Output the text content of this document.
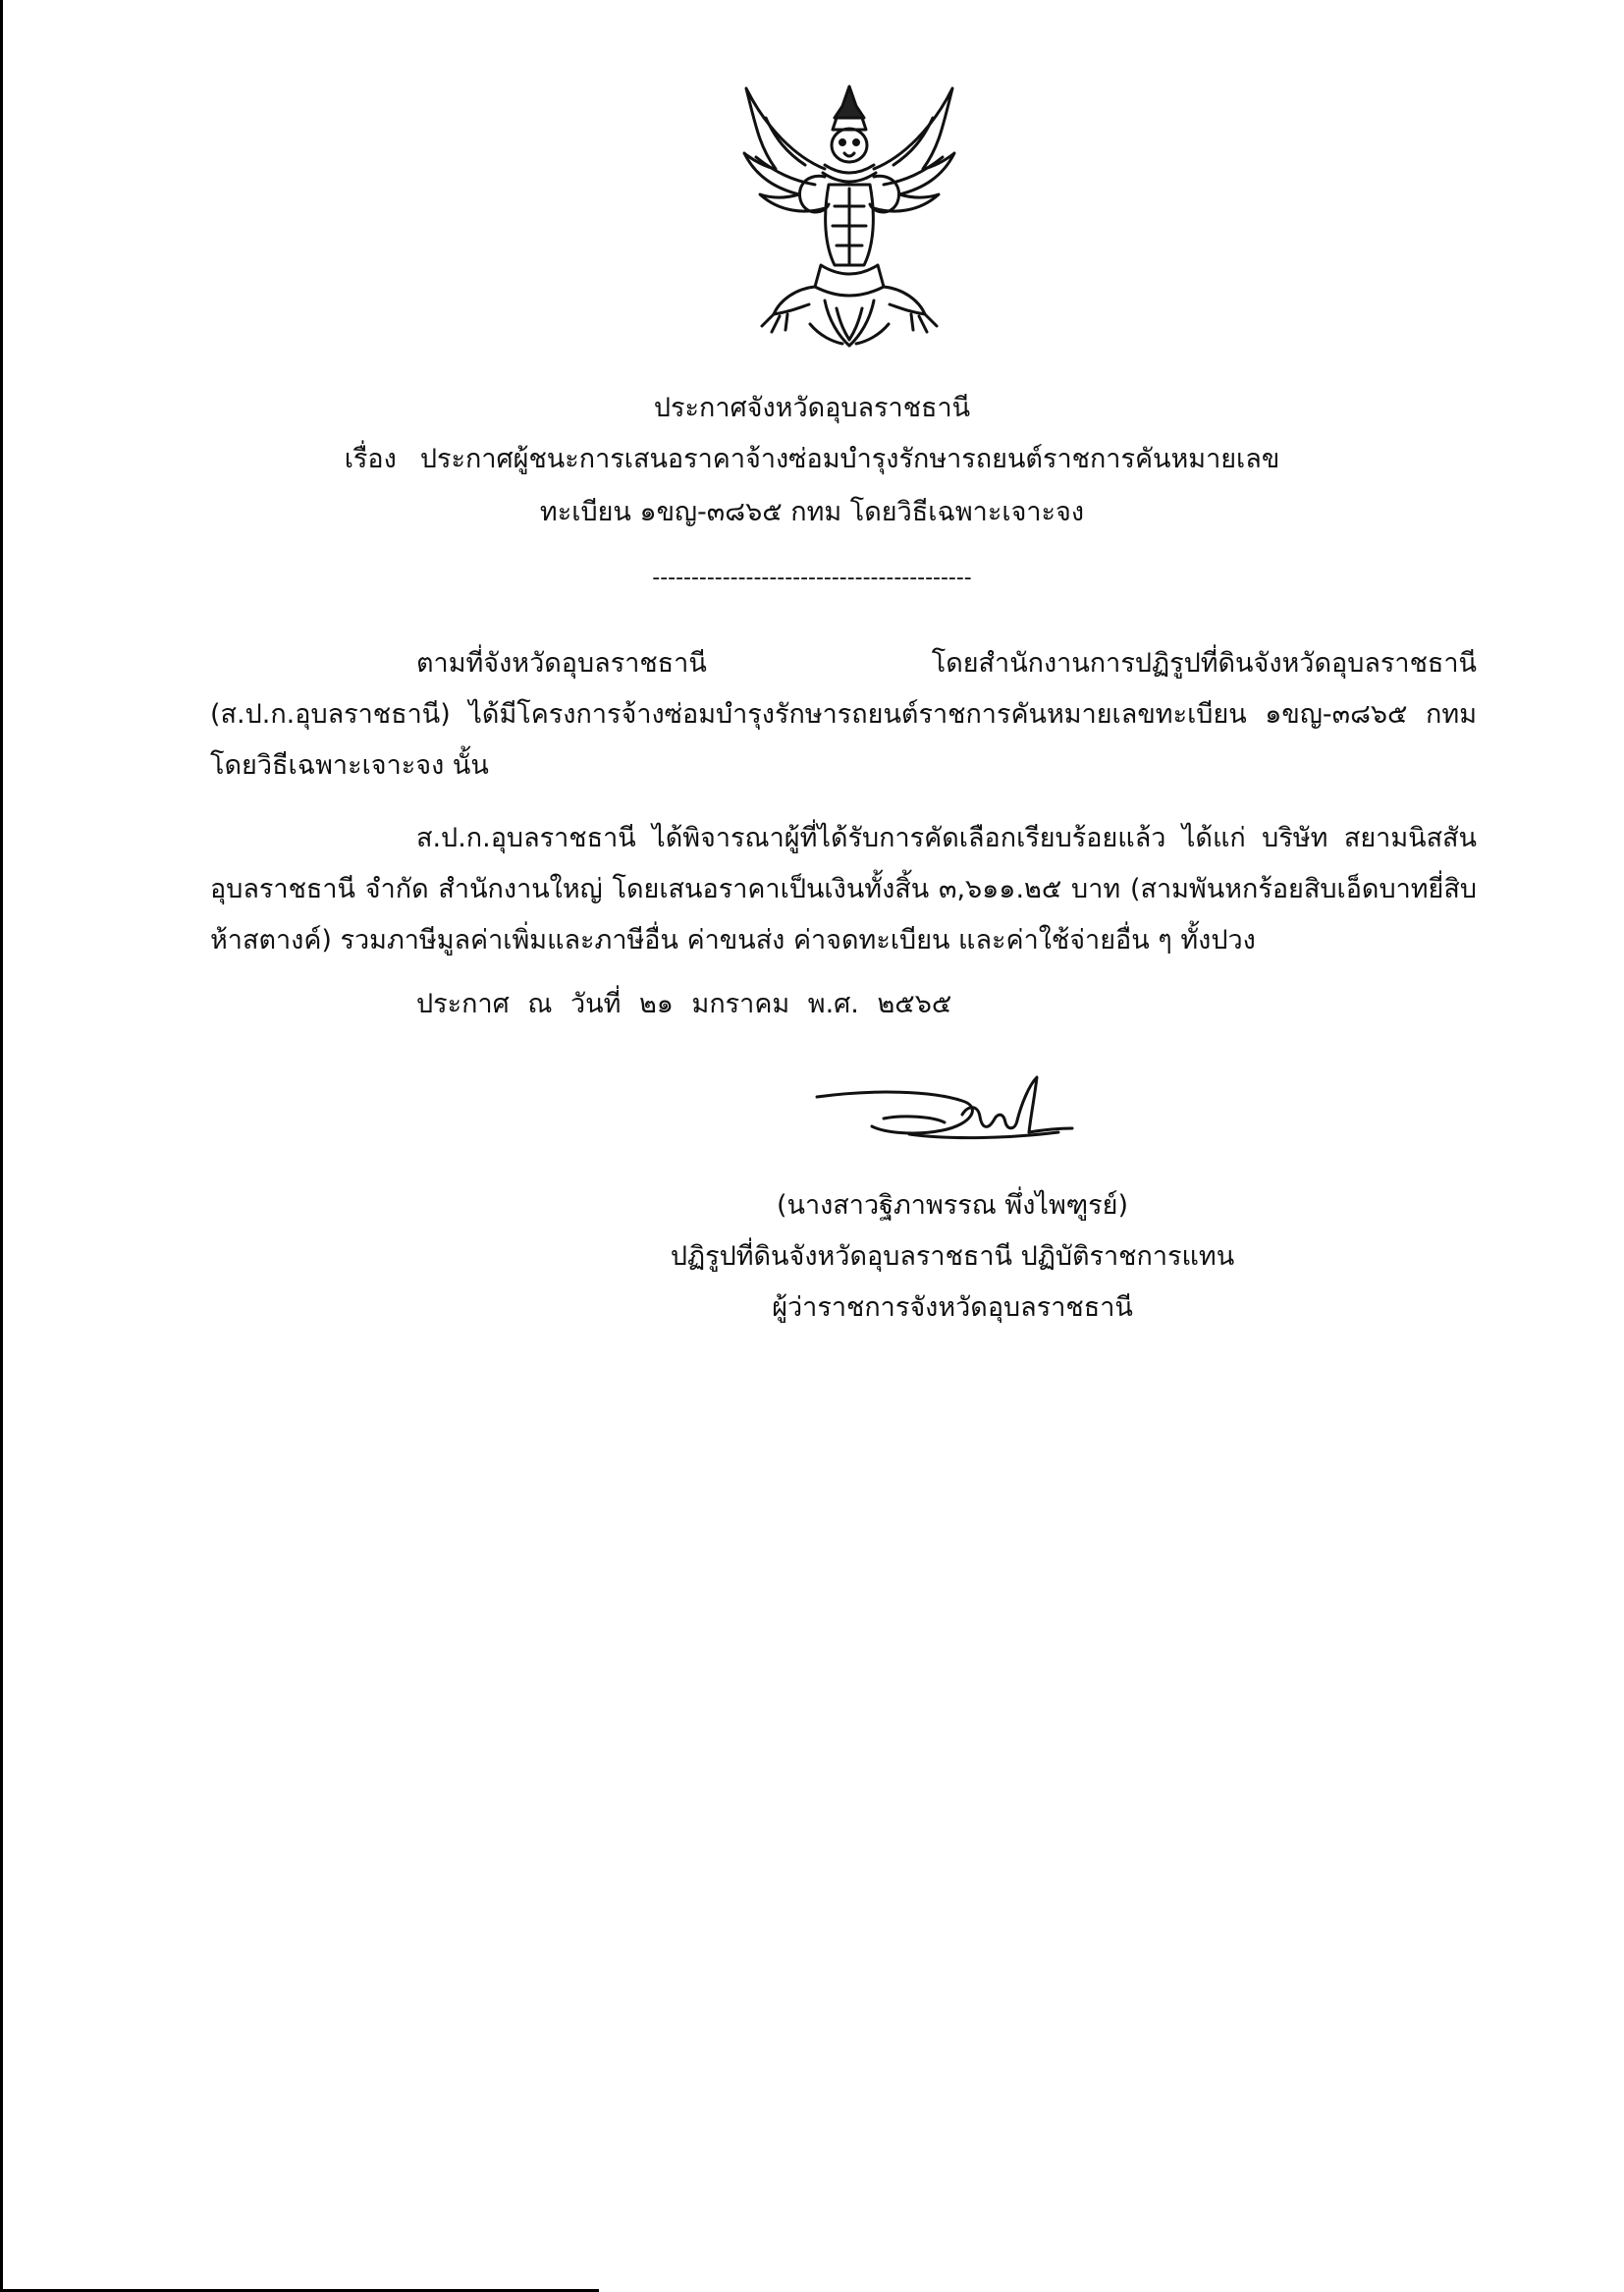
ประกาศจังหวัดอุบลราชธานี
เรื่อง ประกาศผู้ชนะการเสนอราคาจ้างซ่อมบำรุงรักษารถยนต์ราชการคันหมายเลข
ทะเบียน ๑ขญ-๓๘๖๕ กทม โดยวิธีเฉพาะเจาะจง
-----------------------------------------

ตามที่จังหวัดอุบลราชธานี โดยสำนักงานการปฏิรูปที่ดินจังหวัดอุบลราชธานี (ส.ป.ก.อุบลราชธานี) ได้มีโครงการจ้างซ่อมบำรุงรักษารถยนต์ราชการคันหมายเลขทะเบียน ๑ขญ-๓๘๖๕ กทม โดยวิธีเฉพาะเจาะจง นั้น

ส.ป.ก.อุบลราชธานี ได้พิจารณาผู้ที่ได้รับการคัดเลือกเรียบร้อยแล้ว ได้แก่ บริษัท สยามนิสสัน อุบลราชธานี จำกัด สำนักงานใหญ่ โดยเสนอราคาเป็นเงินทั้งสิ้น ๓,๖๑๑.๒๕ บาท (สามพันหกร้อยสิบเอ็ดบาทยี่สิบห้าสตางค์) รวมภาษีมูลค่าเพิ่มและภาษีอื่น ค่าขนส่ง ค่าจดทะเบียน และค่าใช้จ่ายอื่น ๆ ทั้งปวง

ประกาศ ณ วันที่ ๒๑ มกราคม พ.ศ. ๒๕๖๕
(นางสาวฐิภาพรรณ พึ่งไพฑูรย์)
ปฏิรูปที่ดินจังหวัดอุบลราชธานี ปฏิบัติราชการแทน
ผู้ว่าราชการจังหวัดอุบลราชธานี
